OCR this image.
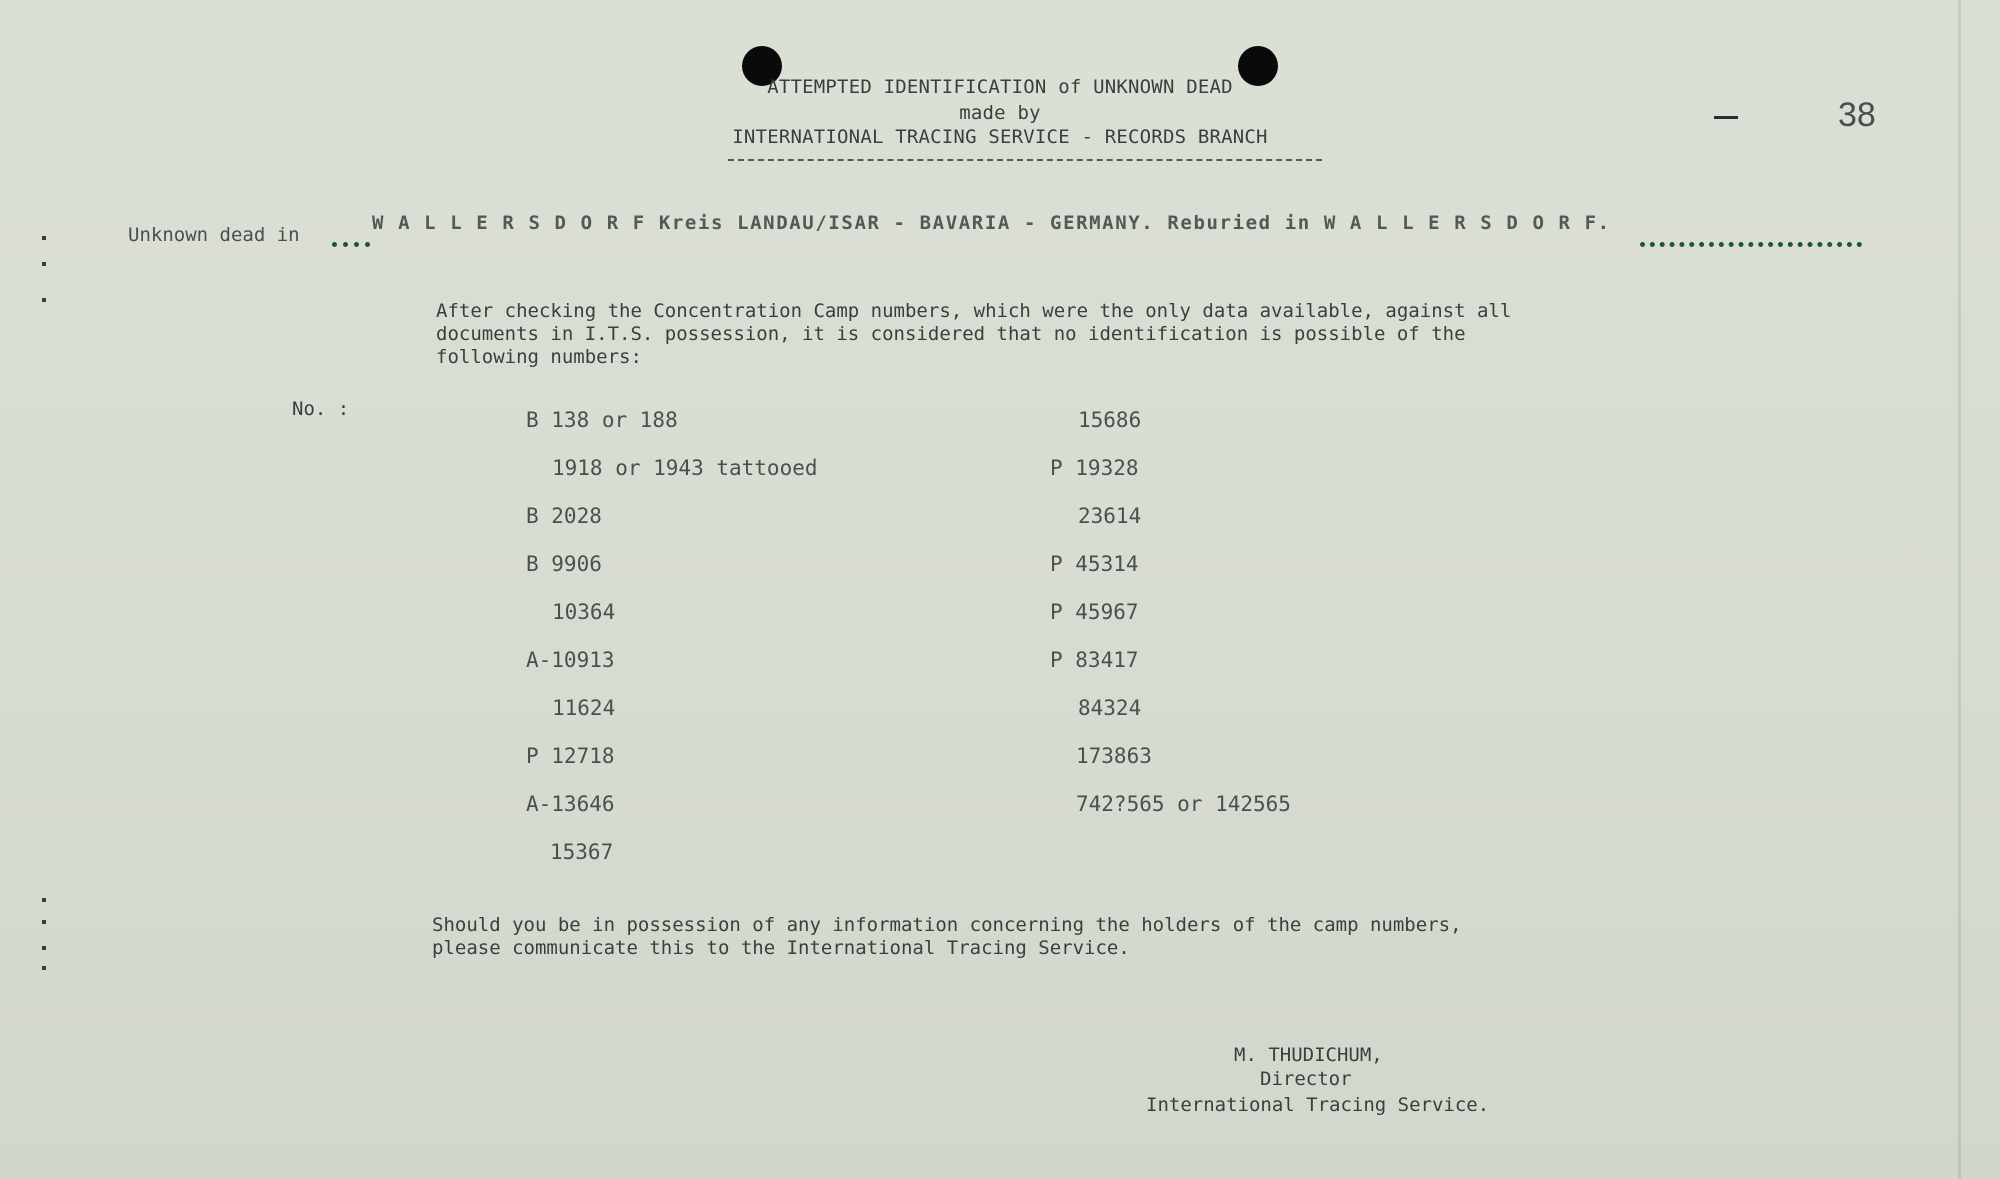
ATTEMPTED IDENTIFICATION of UNKNOWN DEAD
made by
INTERNATIONAL TRACING SERVICE - RECORDS BRANCH
38
Unknown dead in
W A L L E R S D O R F Kreis LANDAU/ISAR - BAVARIA - GERMANY. Reburied in W A L L E R S D O R F.
After checking the Concentration Camp numbers, which were the only data available, against all
documents in I.T.S. possession, it is considered that no identification is possible of the
following numbers:
No. :	B 138 or 188
1918 or 1943 tattooed
B 2028
B 9906
10364
A-10913
11624
P 12718
A-13646
15367
15686
P 19328
23614
P 45314
P 45967
P 83417
84324
173863
742?565 or 142565
Should you be in possession of any information concerning the holders of the camp numbers,
please communicate this to the International Tracing Service.
M. THUDICHUM,
Director
International Tracing Service.
